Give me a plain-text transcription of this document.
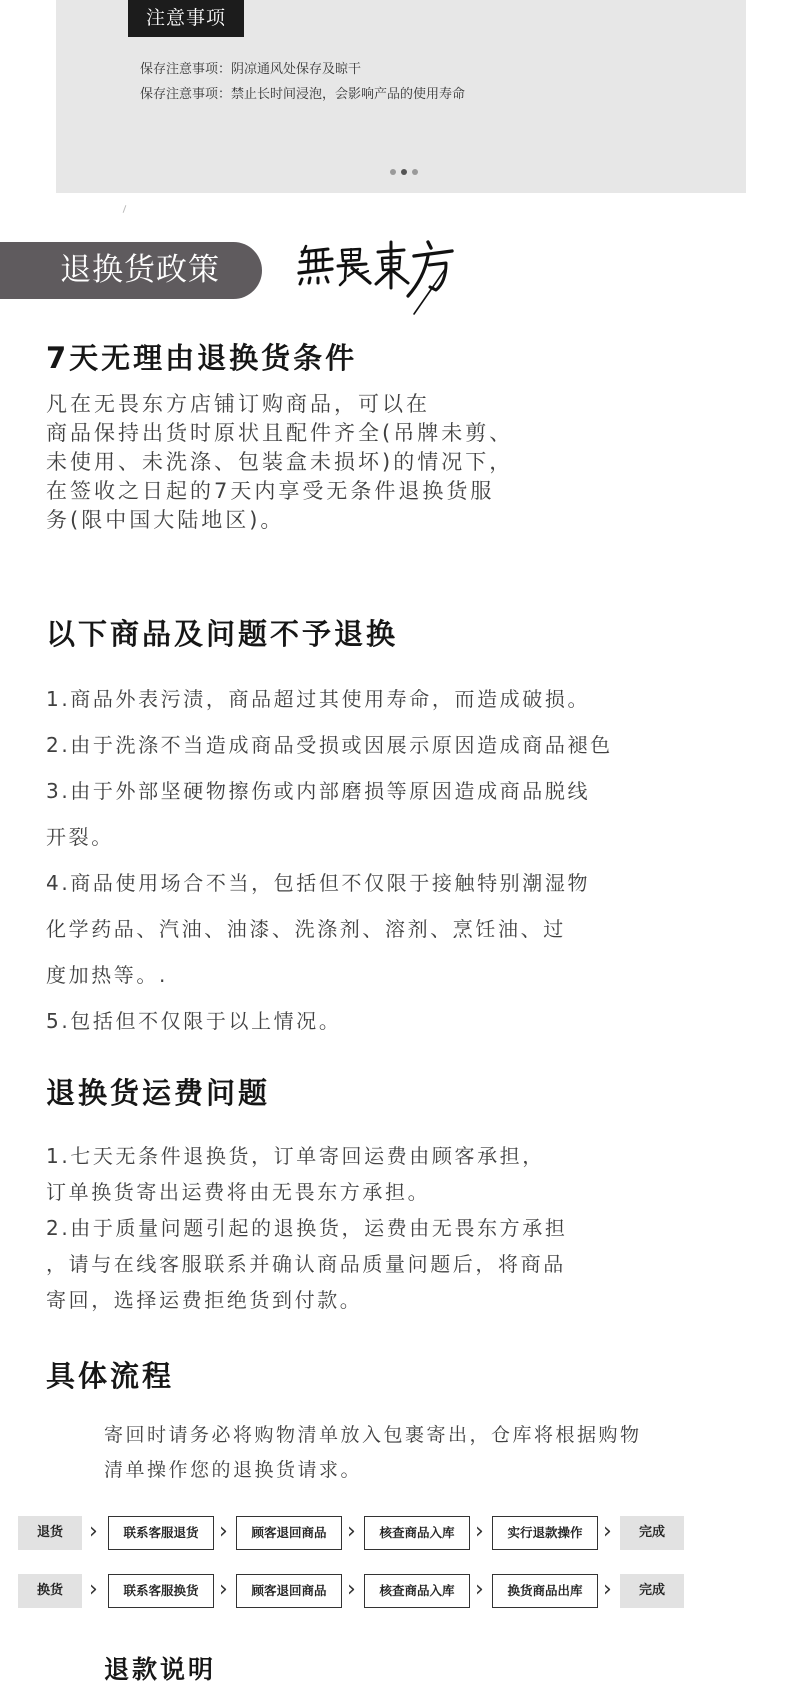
注意事项
保存注意事项：阴凉通风处保存及晾干
保存注意事项：禁止长时间浸泡，会影响产品的使用寿命
退换货政策
7天无理由退换货条件
凡在无畏东方店铺订购商品，可以在
商品保持出货时原状且配件齐全(吊牌未剪、
未使用、未洗涤、包装盒未损坏)的情况下，
在签收之日起的7天内享受无条件退换货服
务(限中国大陆地区)。
以下商品及问题不予退换
1.商品外表污渍，商品超过其使用寿命，而造成破损。
2.由于洗涤不当造成商品受损或因展示原因造成商品褪色
3.由于外部坚硬物擦伤或内部磨损等原因造成商品脱线
开裂。
4.商品使用场合不当，包括但不仅限于接触特别潮湿物
化学药品、汽油、油漆、洗涤剂、溶剂、烹饪油、过
度加热等。.
5.包括但不仅限于以上情况。
退换货运费问题
1.七天无条件退换货，订单寄回运费由顾客承担，
订单换货寄出运费将由无畏东方承担。
2.由于质量问题引起的退换货，运费由无畏东方承担
，请与在线客服联系并确认商品质量问题后，将商品
寄回，选择运费拒绝货到付款。
具体流程
寄回时请务必将购物清单放入包裹寄出，仓库将根据购物
清单操作您的退换货请求。
退货	›	联系客服退货 ›	顾客退回商品 ›	核查商品入库 ›	实行退款操作 ›	完成
换货	›	联系客服换货 ›	顾客退回商品 ›	核查商品入库 ›	换货商品出库 ›	完成
退款说明
